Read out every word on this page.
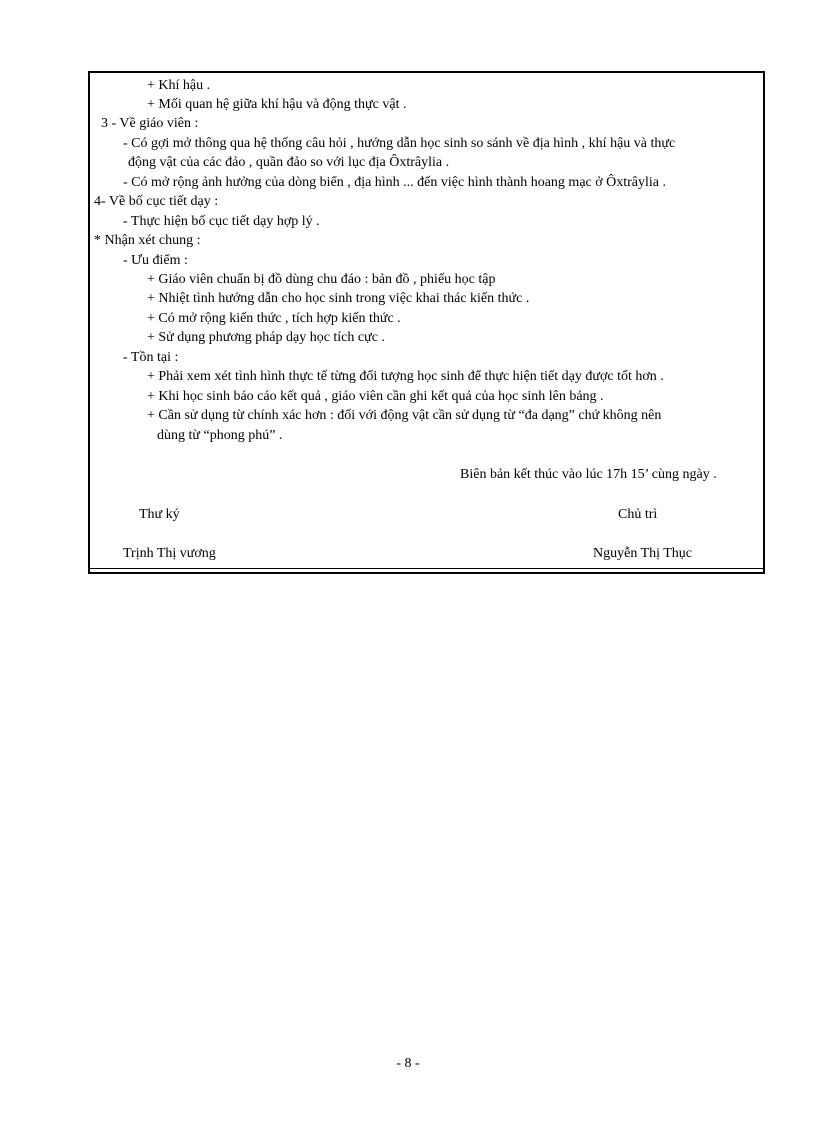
+ Khí hậu .
+ Mối quan hệ giữa khí hậu và động thực vật .
3 - Về giáo viên :
- Có gợi mở thông qua hệ thống câu hỏi , hướng dẫn học sinh so sánh về địa hình , khí hậu và thực
động vật của các đảo , quần đảo so với lục địa Ôxtrâylia .
- Có mở rộng ảnh hưởng của dòng biển , địa hình ... đến việc hình thành hoang mạc ở Ôxtrâylia .
4- Về bố cục tiết dạy :
- Thực hiện bố cục tiết dạy hợp lý .
* Nhận xét chung :
- Ưu điểm :
+ Giáo viên chuẩn bị đồ dùng chu đáo : bản đồ , phiếu học tập
+ Nhiệt tình hướng dẫn cho học sinh trong việc khai thác kiến thức .
+ Có mở rộng kiến thức , tích hợp kiến thức .
+ Sử dụng phương pháp dạy học tích cực .
- Tồn tại :
+ Phải xem xét tình hình thực tế từng đối tượng học sinh để thực hiện tiết dạy được tốt hơn .
+ Khi học sinh báo cáo kết quả , giáo viên cần ghi kết quả của học sinh lên bảng .
+ Cần sử dụng từ chính xác hơn : đối với động vật cần sử dụng từ “đa dạng” chứ không nên
dùng từ “phong phú” .
Biên bản kết thúc vào lúc 17h 15’ cùng ngày .
Thư ký	Chủ trì
Trịnh Thị vương	Nguyễn Thị Thục
- 8 -
